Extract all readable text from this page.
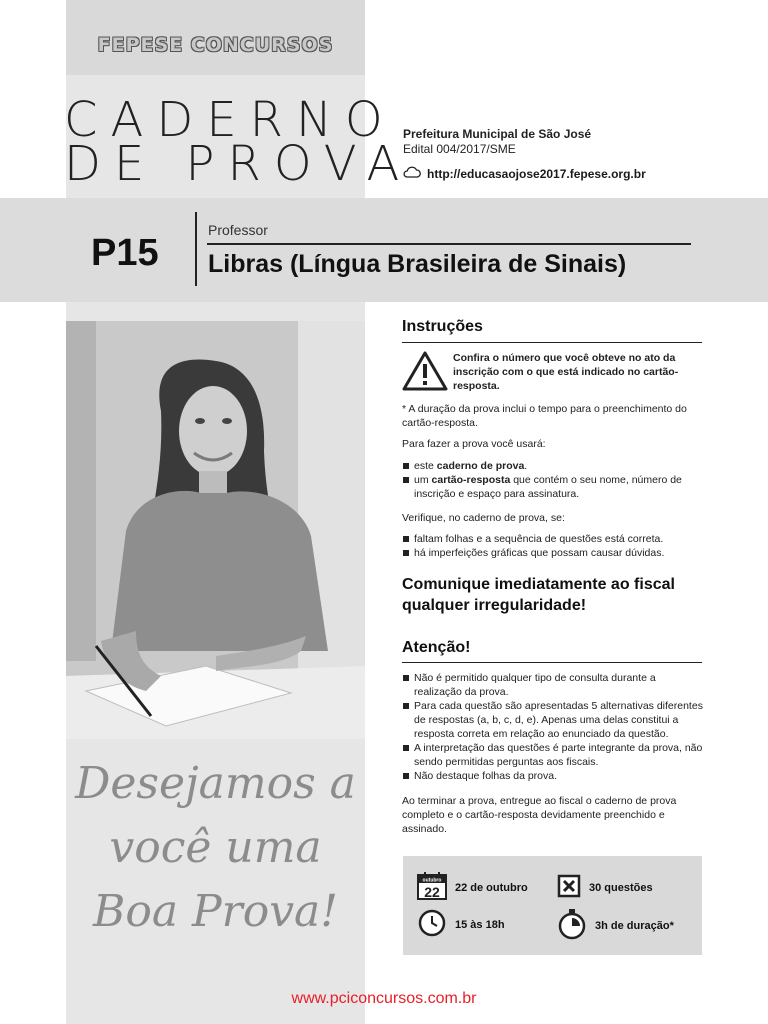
FEPESE CONCURSOS
CADERNO
DE PROVA
Prefeitura Municipal de São José
Edital 004/2017/SME
http://educasaojose2017.fepese.org.br
P15
Professor
Libras (Língua Brasileira de Sinais)
Desejamos a
você uma
Boa Prova!
Instruções
Confira o número que você obteve no ato da inscrição com o que está indicado no cartão-resposta.
* A duração da prova inclui o tempo para o preenchimento do cartão-resposta.
Para fazer a prova você usará:
este caderno de prova.
um cartão-resposta que contém o seu nome, número de inscrição e espaço para assinatura.
Verifique, no caderno de prova, se:
faltam folhas e a sequência de questões está correta.
há imperfeições gráficas que possam causar dúvidas.
Comunique imediatamente ao fiscal qualquer irregularidade!
Atenção!
Não é permitido qualquer tipo de consulta durante a realização da prova.
Para cada questão são apresentadas 5 alternativas diferentes de respostas (a, b, c, d, e). Apenas uma delas constitui a resposta correta em relação ao enunciado da questão.
A interpretação das questões é parte integrante da prova, não sendo permitidas perguntas aos fiscais.
Não destaque folhas da prova.
Ao terminar a prova, entregue ao fiscal o caderno de prova completo e o cartão-resposta devidamente preenchido e assinado.
outubro
22 22 de outubro	30 questões
15 às 18h	3h de duração*
www.pciconcursos.com.br
